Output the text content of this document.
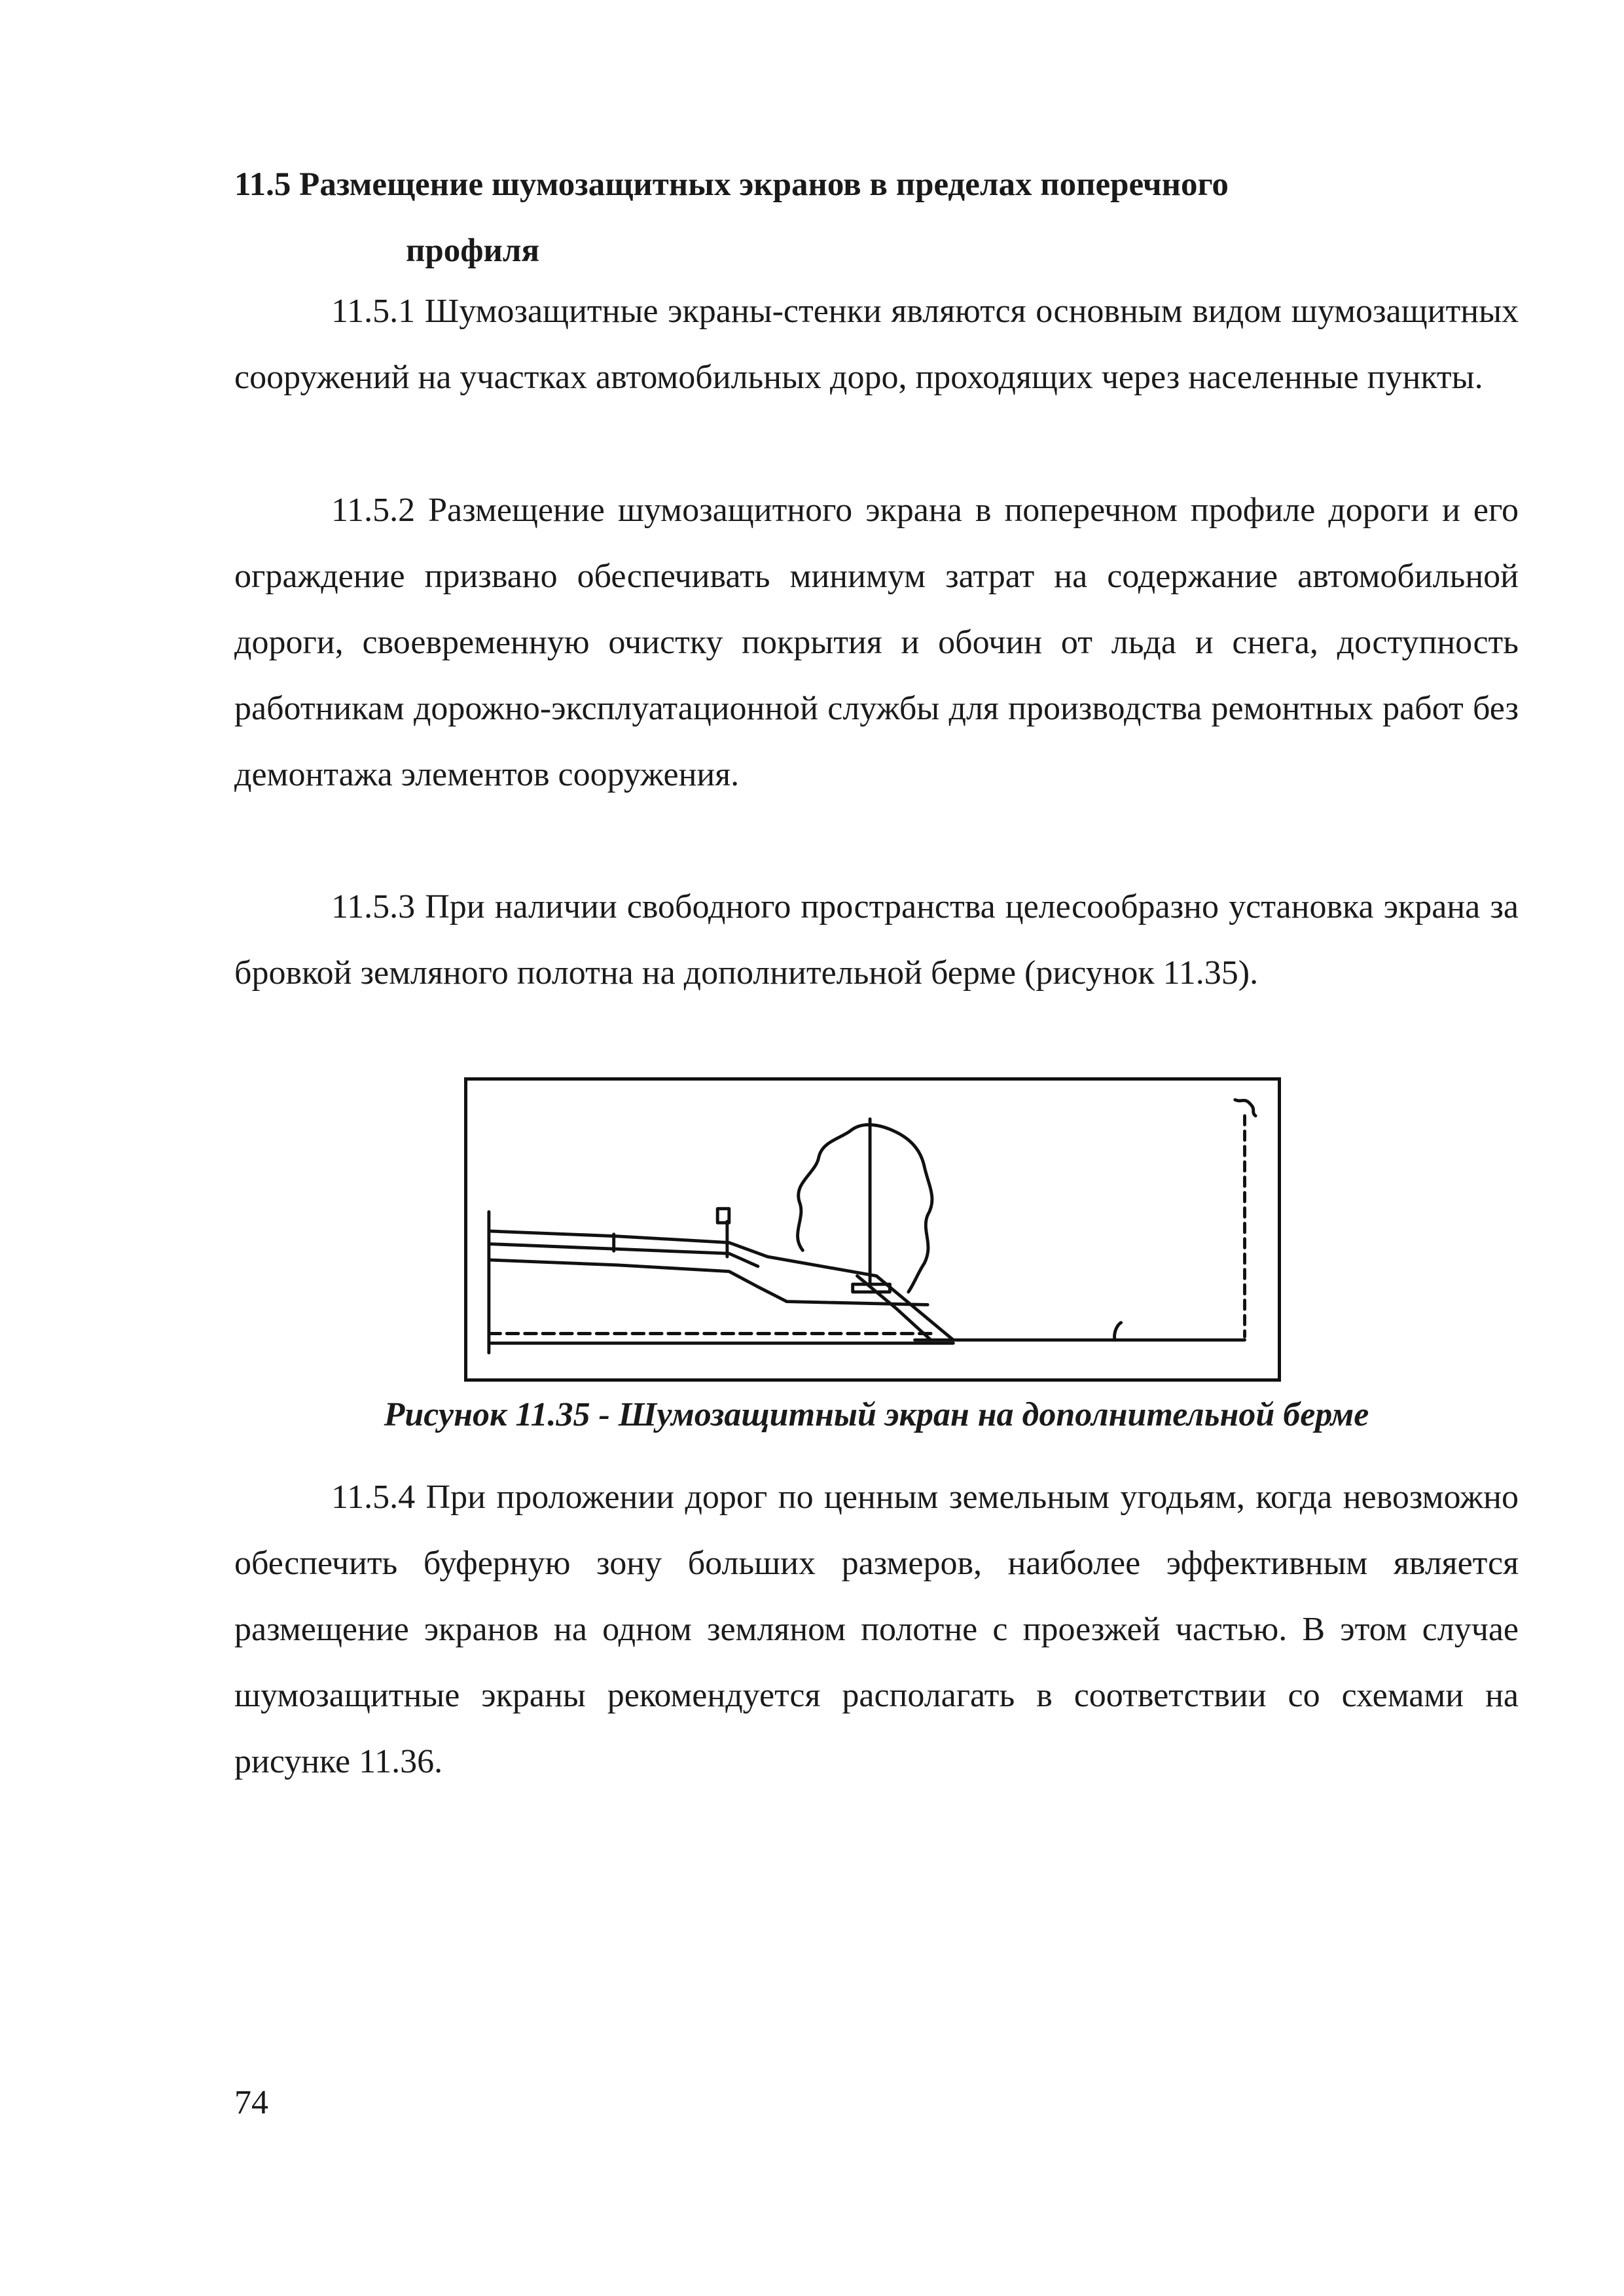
11.5 Размещение шумозащитных экранов в пределах поперечного
профиля

11.5.1 Шумозащитные экраны-стенки являются основным видом шумозащитных сооружений на участках автомобильных доро, проходящих через населенные пункты.

11.5.2 Размещение шумозащитного экрана в поперечном профиле дороги и его ограждение призвано обеспечивать минимум затрат на содержание автомобильной дороги, своевременную очистку покрытия и обочин от льда и снега, доступность работникам дорожно-эксплуатационной службы для производства ремонтных работ без демонтажа элементов сооружения.

11.5.3 При наличии свободного пространства целесообразно установка экрана за бровкой земляного полотна на дополнительной берме (рисунок 11.35).

Рисунок 11.35 - Шумозащитный экран на дополнительной берме

11.5.4 При проложении дорог по ценным земельным угодьям, когда невозможно обеспечить буферную зону больших размеров, наиболее эффективным является размещение экранов на одном земляном полотне с проезжей частью. В этом случае шумозащитные экраны рекомендуется располагать в соответствии со схемами на рисунке 11.36.

74
